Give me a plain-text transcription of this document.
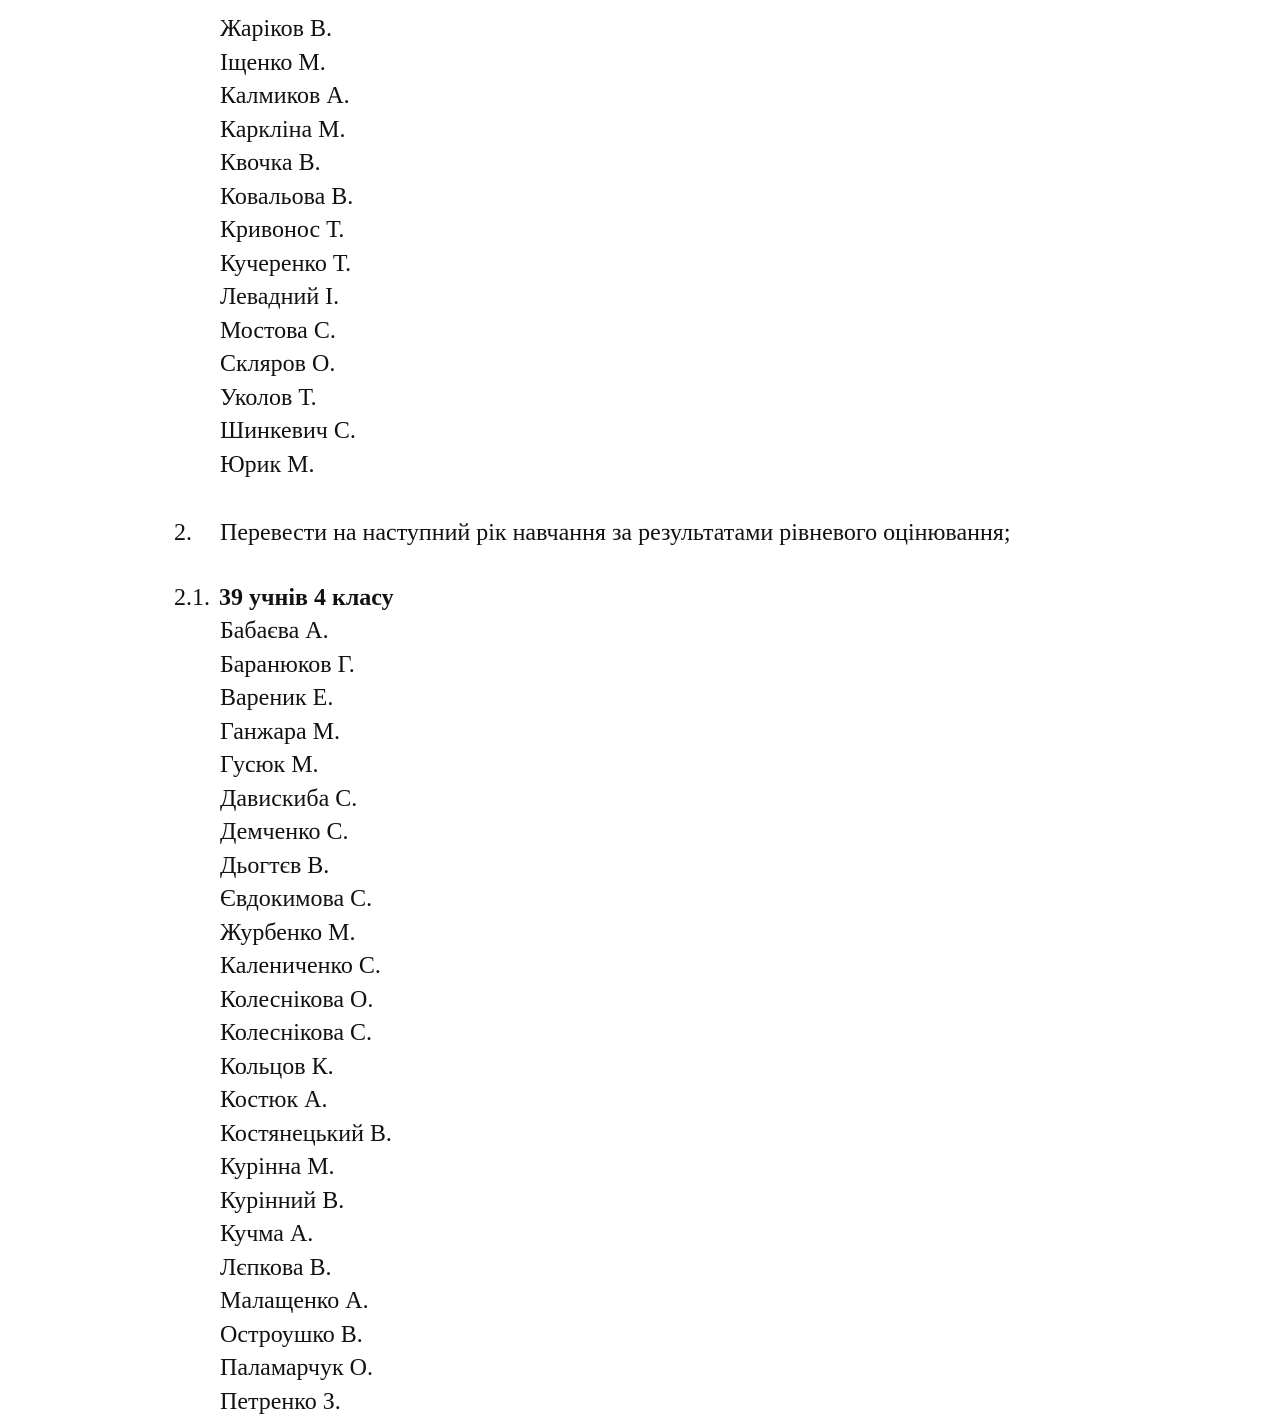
Жаріков В.
Іщенко М.
Калмиков А.
Каркліна М.
Квочка В.
Ковальова В.
Кривонос Т.
Кучеренко Т.
Левадний І.
Мостова С.
Скляров О.
Уколов Т.
Шинкевич С.
Юрик М.
2. Перевести на наступний рік навчання за результатами рівневого оцінювання;
2.1. 39 учнів 4 класу
Бабаєва А.
Баранюков Г.
Вареник Е.
Ганжара М.
Гусюк М.
Давискиба С.
Демченко С.
Дьогтєв В.
Євдокимова С.
Журбенко М.
Калениченко С.
Колеснікова О.
Колеснікова С.
Кольцов К.
Костюк А.
Костянецький В.
Курінна М.
Курінний В.
Кучма А.
Лєпкова В.
Малащенко А.
Остроушко В.
Паламарчук О.
Петренко З.
